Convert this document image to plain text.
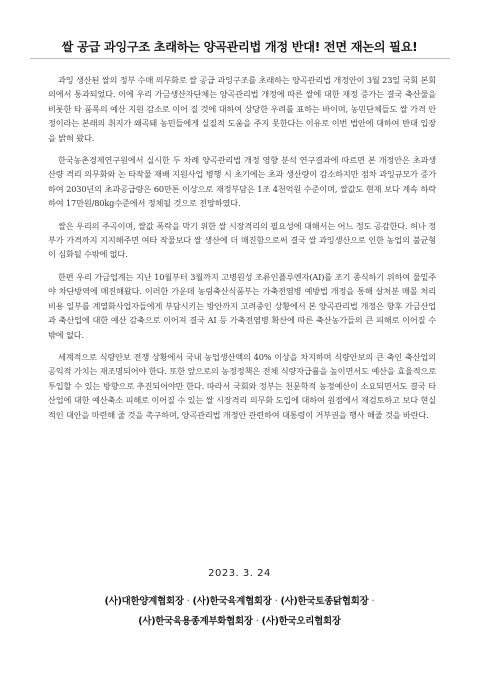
쌀 공급 과잉구조 초래하는 양곡관리법 개정 반대! 전면 재논의 필요!

과잉 생산된 쌀의 정부 수매 의무화로 쌀 공급 과잉구조를 초래하는 양곡관리법 개정안이 3월 23일 국회 본회의에서 통과되었다. 이에 우리 가금생산자단체는 양곡관리법 개정에 따른 쌀에 대한 재정 증가는 결국 축산물을 비롯한 타 품목의 예산 지원 감소로 이어 질 것에 대하여 상당한 우려를 표하는 바이며, 농민단체들도 쌀 가격 안정이라는 본래의 취지가 왜곡돼 농민들에게 실질적 도움을 주지 못한다는 이유로 이번 법안에 대하여 반대 입장을 밝혀 왔다.

한국농촌경제연구원에서 실시한 두 차례 양곡관리법 개정 영향 분석 연구결과에 따르면 본 개정안은 초과생산량 격리 의무화와 논 타작물 재배 지원사업 병행 시 초기에는 초과 생산량이 감소하지만 점차 과잉규모가 증가하여 2030년의 초과공급량은 60만톤 이상으로 재정부담은 1조 4천억원 수준이며, 쌀값도 현재 보다 계속 하락하여 17만원/80kg수준에서 정체될 것으로 전망하였다.

쌀은 우리의 주곡이며, 쌀값 폭락을 막기 위한 쌀 시장격리의 필요성에 대해서는 어느 정도 공감한다. 허나 정부가 가격까지 지지해주면 여타 작물보다 쌀 생산에 더 매진함으로써 결국 쌀 과잉생산으로 인한 농업의 불균형이 심화될 수밖에 없다.

한편 우리 가금업계는 지난 10월부터 3월까지 고병원성 조류인플루엔자(AI)를 조기 종식하기 위하여 물밑주야 차단방역에 매진해왔다. 이러한 가운데 농림축산식품부는 가축전염병 예방법 개정을 통해 살처분 매몰 처리비용 일부를 계열화사업자들에게 부담시키는 방안까지 고려중인 상황에서 본 양곡관리법 개정은 향후 가금산업과 축산업에 대한 예산 감축으로 이어져 결국 AI 등 가축전염병 확산에 따른 축산농가들의 큰 피해로 이어질 수밖에 없다.

세계적으로 식량안보 전쟁 상황에서 국내 농업생산액의 40% 이상을 차지하며 식량안보의 큰 축인 축산업의 공익적 가치는 재조명되어야 한다. 또한 앞으로의 농정정책은 전체 식량자급률을 높이면서도 예산을 효율적으로 투입할 수 있는 방향으로 추진되어야만 한다. 따라서 국회와 정부는 천문학적 농정예산이 소요되면서도 결국 타 산업에 대한 예산축소 피해로 이어질 수 있는 쌀 시장격리 의무화 도입에 대하여 원점에서 재검토하고 보다 현실적인 대안을 마련해 줄 것을 촉구하며, 양곡관리법 개정안 관련하여 대통령이 거부권을 행사 해줄 것을 바란다.

2023. 3. 24
(사)대한양계협회장 · (사)한국육계협회장 · (사)한국토종닭협회장 ·
(사)한국육용종계부화협회장 · (사)한국오리협회장
